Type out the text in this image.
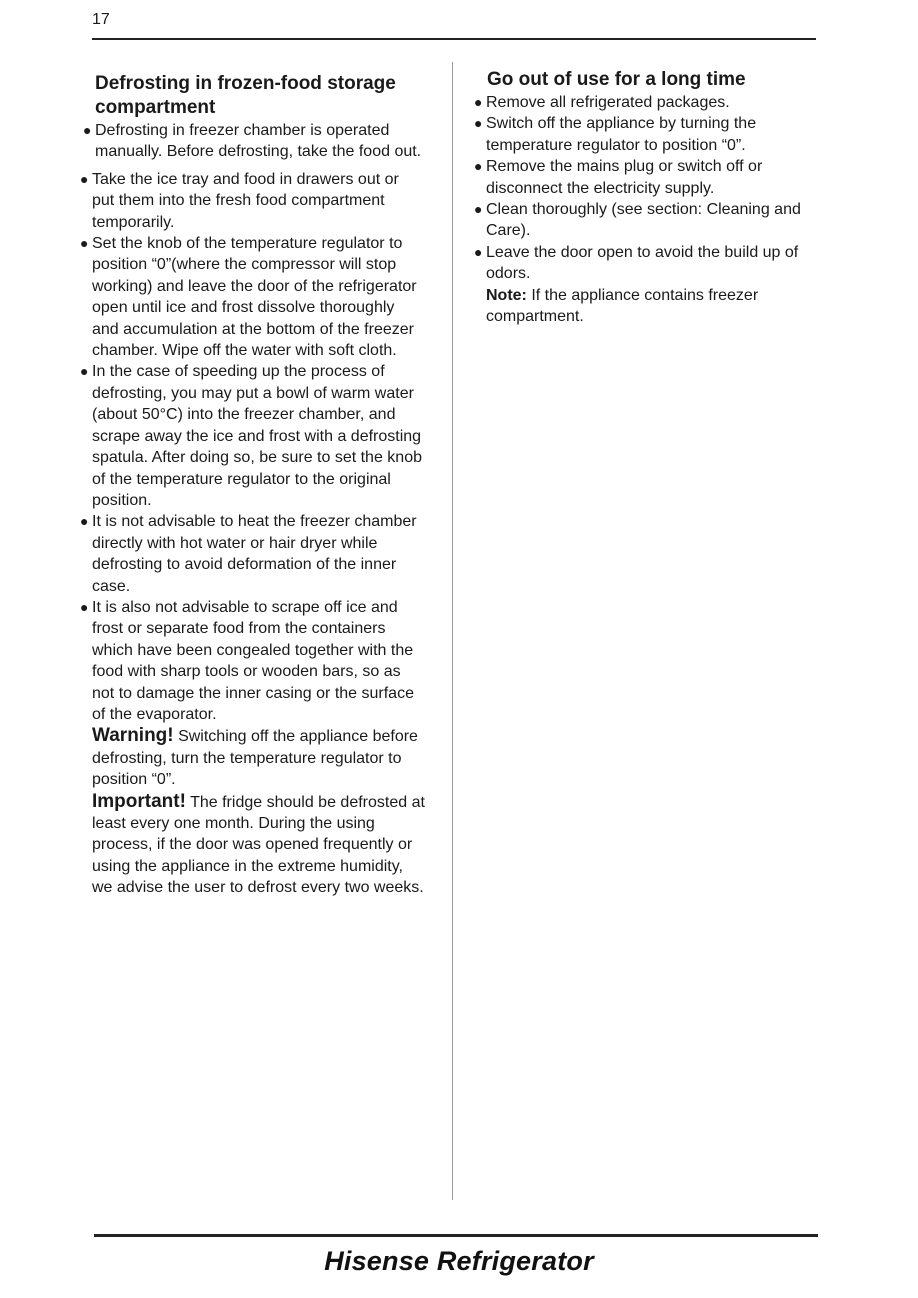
17
Defrosting in frozen-food storage compartment
● Defrosting in freezer chamber is operated manually. Before defrosting, take the food out.
● Take the ice tray and food in drawers out or put them into the fresh food compartment temporarily.
● Set the knob of the temperature regulator to position “0”(where the compressor will stop working) and leave the door of the refrigerator open until ice and frost dissolve thoroughly and accumulation at the bottom of the freezer chamber. Wipe off the water with soft cloth.
● In the case of speeding up the process of defrosting, you may put a bowl of warm water (about 50°C) into the freezer chamber, and scrape away the ice and frost with a defrosting spatula. After doing so, be sure to set the knob of the temperature regulator to the original position.
● It is not advisable to heat the freezer chamber directly with hot water or hair dryer while defrosting to avoid deformation of the inner case.
● It is also not advisable to scrape off ice and frost or separate food from the containers which have been congealed together with the food with sharp tools or wooden bars, so as not to damage the inner casing or the surface of the evaporator.
Warning! Switching off the appliance before defrosting, turn the temperature regulator to position “0”.
Important! The fridge should be defrosted at least every one month. During the using process, if the door was opened frequently or using the appliance in the extreme humidity, we advise the user to defrost every two weeks.
Go out of use for a long time
● Remove all refrigerated packages.
● Switch off the appliance by turning the temperature regulator to position “0”.
● Remove the mains plug or switch off or disconnect the electricity supply.
● Clean thoroughly (see section: Cleaning and Care).
● Leave the door open to avoid the build up of odors.
Note: If the appliance contains freezer compartment.
Hisense Refrigerator
